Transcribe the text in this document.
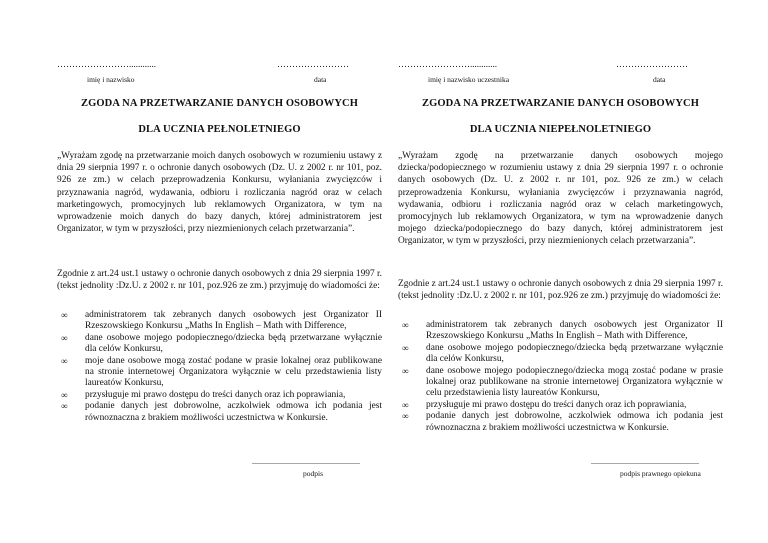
……………………............
imię i nazwisko
……………………
data
ZGODA NA PRZETWARZANIE DANYCH OSOBOWYCH
DLA UCZNIA PEŁNOLETNIEGO
„Wyrażam zgodę na przetwarzanie moich danych osobowych w rozumieniu ustawy z dnia 29 sierpnia 1997 r. o ochronie danych osobowych (Dz. U. z 2002 r. nr 101, poz. 926 ze zm.) w celach przeprowadzenia Konkursu, wyłaniania zwycięzców i przyznawania nagród, wydawania, odbioru i rozliczania nagród oraz w celach marketingowych, promocyjnych lub reklamowych Organizatora, w tym na wprowadzenie moich danych do bazy danych, której administratorem jest Organizator, w tym w przyszłości, przy niezmienionych celach przetwarzania”.
Zgodnie z art.24 ust.1 ustawy o ochronie danych osobowych z dnia 29 sierpnia 1997 r. (tekst jednolity :Dz.U. z 2002 r. nr 101, poz.926 ze zm.) przyjmuję do wiadomości że:
∞ administratorem tak zebranych danych osobowych jest Organizator II Rzeszowskiego Konkursu „Maths In English – Math with Difference,
∞ dane osobowe mojego podopiecznego/dziecka będą przetwarzane wyłącznie dla celów Konkursu,
∞ moje dane osobowe mogą zostać podane w prasie lokalnej oraz publikowane na stronie internetowej Organizatora wyłącznie w celu przedstawienia listy laureatów Konkursu,
∞ przysługuje mi prawo dostępu do treści danych oraz ich poprawiania,
∞ podanie danych jest dobrowolne, aczkolwiek odmowa ich podania jest równoznaczna z brakiem możliwości uczestnictwa w Konkursie.
......................................................
podpis
……………………............
imię i nazwisko uczestnika
……………………
data
ZGODA NA PRZETWARZANIE DANYCH OSOBOWYCH
DLA UCZNIA NIEPEŁNOLETNIEGO
„Wyrażam zgodę na przetwarzanie danych osobowych mojego dziecka/podopiecznego w rozumieniu ustawy z dnia 29 sierpnia 1997 r. o ochronie danych osobowych (Dz. U. z 2002 r. nr 101, poz. 926 ze zm.) w celach przeprowadzenia Konkursu, wyłaniania zwycięzców i przyznawania nagród, wydawania, odbioru i rozliczania nagród oraz w celach marketingowych, promocyjnych lub reklamowych Organizatora, w tym na wprowadzenie danych mojego dziecka/podopiecznego do bazy danych, której administratorem jest Organizator, w tym w przyszłości, przy niezmienionych celach przetwarzania”.
Zgodnie z art.24 ust.1 ustawy o ochronie danych osobowych z dnia 29 sierpnia 1997 r. (tekst jednolity :Dz.U. z 2002 r. nr 101, poz.926 ze zm.) przyjmuję do wiadomości że:
∞ administratorem tak zebranych danych osobowych jest Organizator II Rzeszowskiego Konkursu „Maths In English – Math with Difference,
∞ dane osobowe mojego podopiecznego/dziecka będą przetwarzane wyłącznie dla celów Konkursu,
∞ dane osobowe mojego podopiecznego/dziecka mogą zostać podane w prasie lokalnej oraz publikowane na stronie internetowej Organizatora wyłącznie w celu przedstawienia listy laureatów Konkursu,
∞ przysługuje mi prawo dostępu do treści danych oraz ich poprawiania,
∞ podanie danych jest dobrowolne, aczkolwiek odmowa ich podania jest równoznaczna z brakiem możliwości uczestnictwa w Konkursie.
......................................................
podpis prawnego opiekuna
